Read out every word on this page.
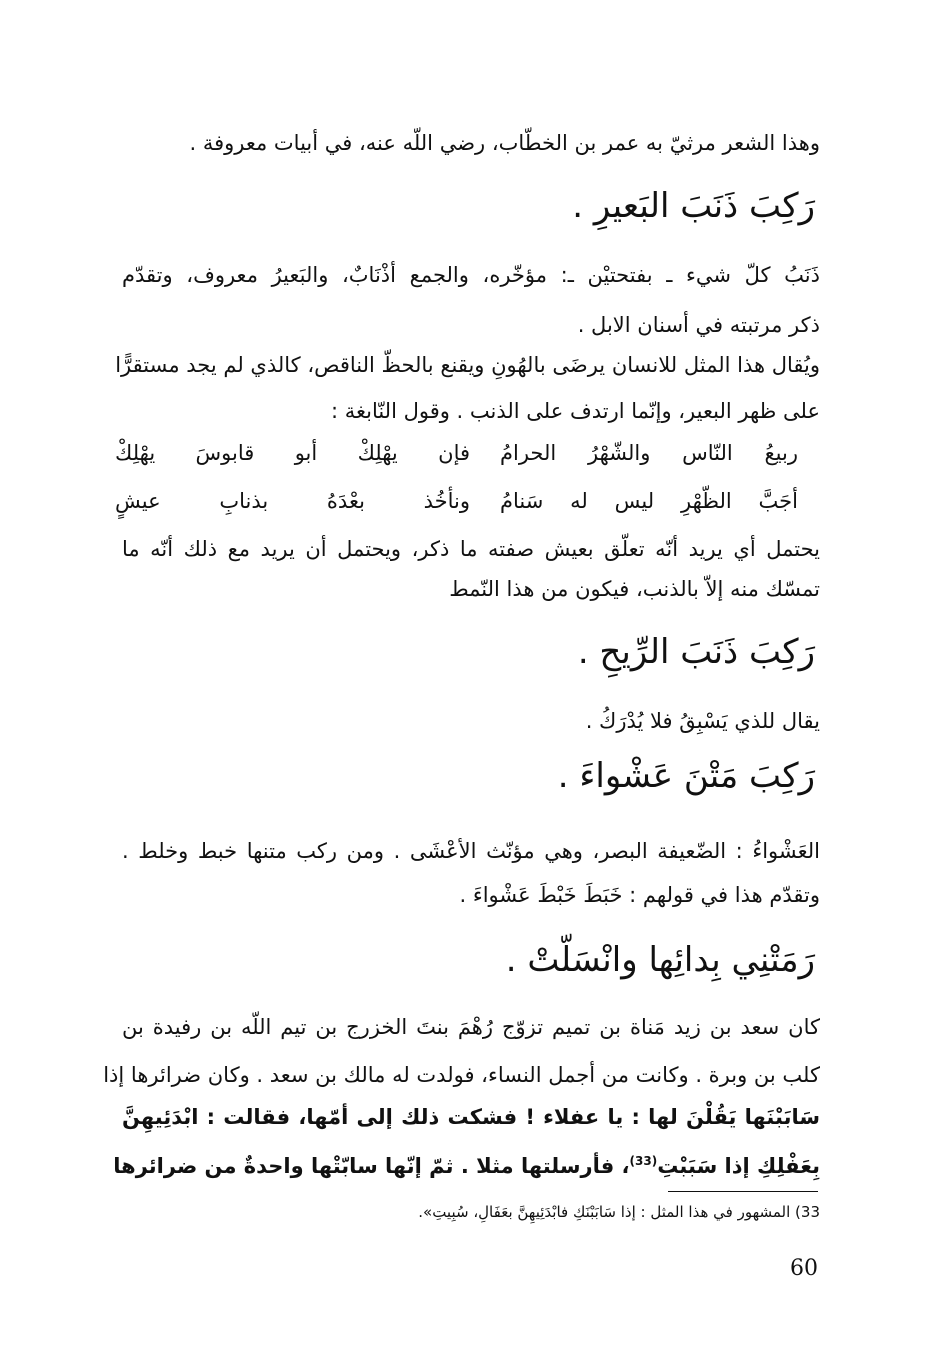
وهذا الشعر مرثيّ به عمر بن الخطّاب، رضي اللّه عنه، في أبيات معروفة .

رَكِبَ ذَنَبَ البَعيرِ .

ذَنَبُ كلّ شيء ـ بفتحتيْن ـ: مؤخّره، والجمع أذْنَابٌ، والبَعيرُ معروف، وتقدّم

ذكر مرتبته في أسنان الابل .

ويُقال هذا المثل للانسان يرضَى بالهُونِ ويقنع بالحظّ الناقص، كالذي لم يجد مستقرًّا

على ظهر البعير، وإنّما ارتدف على الذنب . وقول النّابغة :

فإن يهْلِكْ أبو قابوسَ يهْلِكْ ربيعُ النّاس والشّهْرُ الحرامُ

ونأخُذ بعْدَهُ بذنابِ عيشٍ أجَبَّ الظّهْرِ ليس له سَنامُ

يحتمل أي يريد أنّه تعلّق بعيش صفته ما ذكر، ويحتمل أن يريد مع ذلك أنّه ما

تمسّك منه إلاّ بالذنب، فيكون من هذا النّمط

رَكِبَ ذَنَبَ الرِّيحِ .

يقال للذي يَسْبِقُ فلا يُدْرَكُ .

رَكِبَ مَتْنَ عَشْواءَ .

العَشْواءُ : الضّعيفة البصر، وهي مؤنّث الأعْشَى . ومن ركب متنها خبط وخلط .

وتقدّم هذا في قولهم : خَبَطَ خَبْطَ عَشْواءَ .

رَمَتْنِي بِدائِها وانْسَلّتْ .

كان سعد بن زيد مَناة بن تميم تزوّج رُهْمَ بنتَ الخزرج بن تيم اللّه بن رفيدة بن

كلب بن وبرة . وكانت من أجمل النساء، فولدت له مالك بن سعد . وكان ضرائرها إذا

سَابَبْنَها يَقُلْنَ لها : يا عفلاء ! فشكت ذلك إلى أمّها، فقالت : ابْدَئِيهِنَّ

بِعَفْلِكِ إذا سَبَبْتِ$^{(33)}$، فأرسلتها مثلا . ثمّ إنّها سابّتْها واحدةٌ من ضرائرها

33) المشهور في هذا المثل : إذا سَابَبْنَكِ فابْدَئِيهِنَّ بعَفَالِ، سُبِيتِ».

60
